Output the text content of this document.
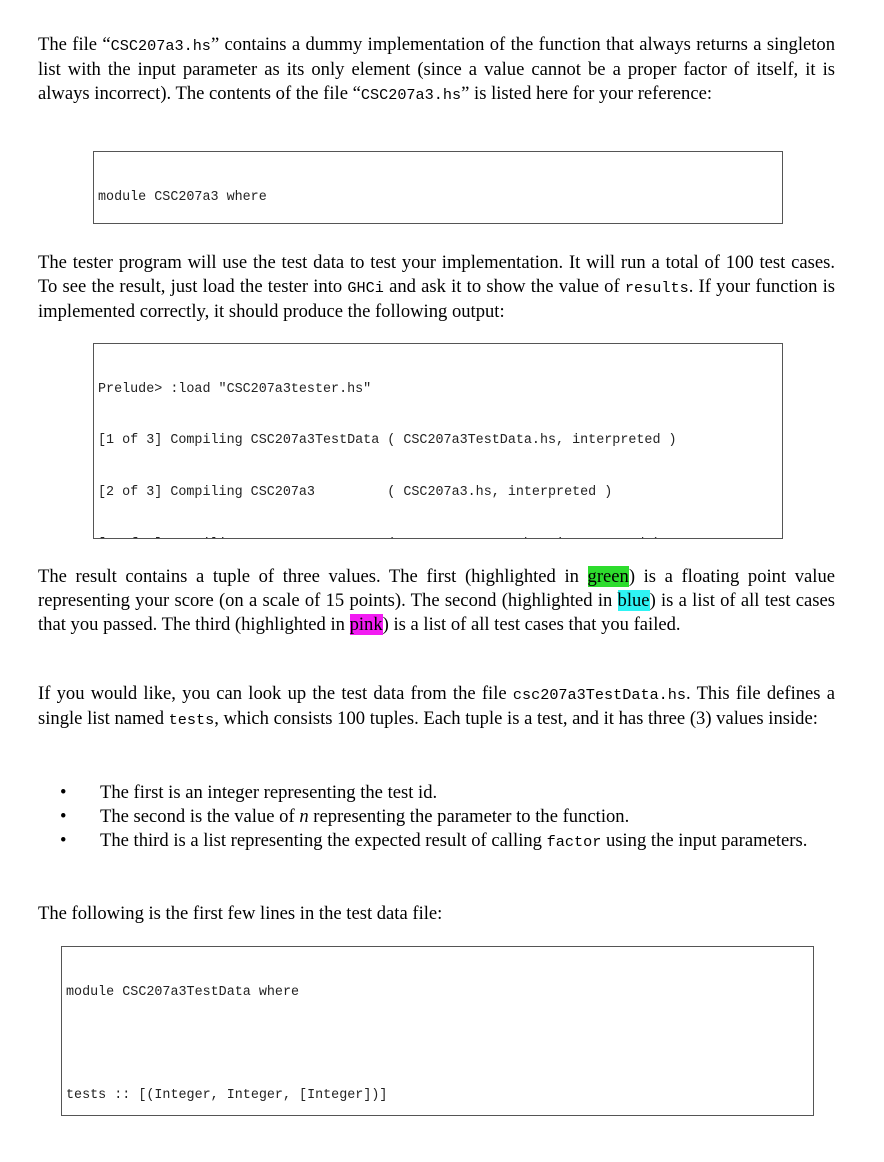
The file “CSC207a3.hs” contains a dummy implementation of the function that always returns a singleton list with the input parameter as its only element (since a value cannot be a proper factor of itself, it is always incorrect). The contents of the file “CSC207a3.hs” is listed here for your reference:

module CSC207a3 where

The tester program will use the test data to test your implementation. It will run a total of 100 test cases. To see the result, just load the tester into GHCi and ask it to show the value of results. If your function is implemented correctly, it should produce the following output:

Prelude> :load "CSC207a3tester.hs"

[1 of 3] Compiling CSC207a3TestData ( CSC207a3TestData.hs, interpreted )

[2 of 3] Compiling CSC207a3         ( CSC207a3.hs, interpreted )

The result contains a tuple of three values. The first (highlighted in green) is a floating point value representing your score (on a scale of 15 points). The second (highlighted in blue) is a list of all test cases that you passed. The third (highlighted in pink) is a list of all test cases that you failed.

If you would like, you can look up the test data from the file csc207a3TestData.hs. This file defines a single list named tests, which consists 100 tuples. Each tuple is a test, and it has three (3) values inside:

• The first is an integer representing the test id.
• The second is the value of n representing the parameter to the function.
• The third is a list representing the expected result of calling factor using the input parameters.

The following is the first few lines in the test data file:

module CSC207a3TestData where

tests :: [(Integer, Integer, [Integer])]
